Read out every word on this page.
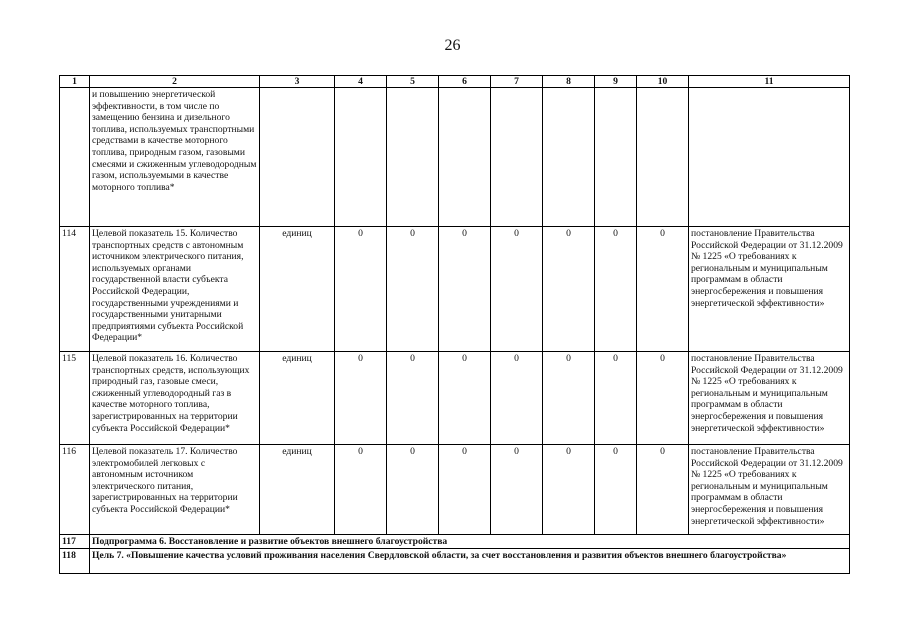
26
1	2	3	4	5	6	7	8	9	10	11
	и повышению энергетической эффективности, в том числе по замещению бензина и дизельного топлива, используемых транспортными средствами в качестве моторного топлива, природным газом, газовыми смесями и сжиженным углеводородным газом, используемыми в качестве моторного топлива*									
114	Целевой показатель 15. Количество транспортных средств с автономным источником электрического питания, используемых органами государственной власти субъекта Российской Федерации, государственными учреждениями и государственными унитарными предприятиями субъекта Российской Федерации*	единиц	0	0	0	0	0	0	0	постановление Правительства Российской Федерации от 31.12.2009 № 1225 «О требованиях к региональным и муниципальным программам в области энергосбережения и повышения энергетической эффективности»
115	Целевой показатель 16. Количество транспортных средств, использующих природный газ, газовые смеси, сжиженный углеводородный газ в качестве моторного топлива, зарегистрированных на территории субъекта Российской Федерации*	единиц	0	0	0	0	0	0	0	постановление Правительства Российской Федерации от 31.12.2009 № 1225 «О требованиях к региональным и муниципальным программам в области энергосбережения и повышения энергетической эффективности»
116	Целевой показатель 17. Количество электромобилей легковых с автономным источником электрического питания, зарегистрированных на территории субъекта Российской Федерации*	единиц	0	0	0	0	0	0	0	постановление Правительства Российской Федерации от 31.12.2009 № 1225 «О требованиях к региональным и муниципальным программам в области энергосбережения и повышения энергетической эффективности»
117	Подпрограмма 6. Восстановление и развитие объектов внешнего благоустройства									
118	Цель 7. «Повышение качества условий проживания населения Свердловской области, за счет восстановления и развития объектов внешнего благоустройства»									
